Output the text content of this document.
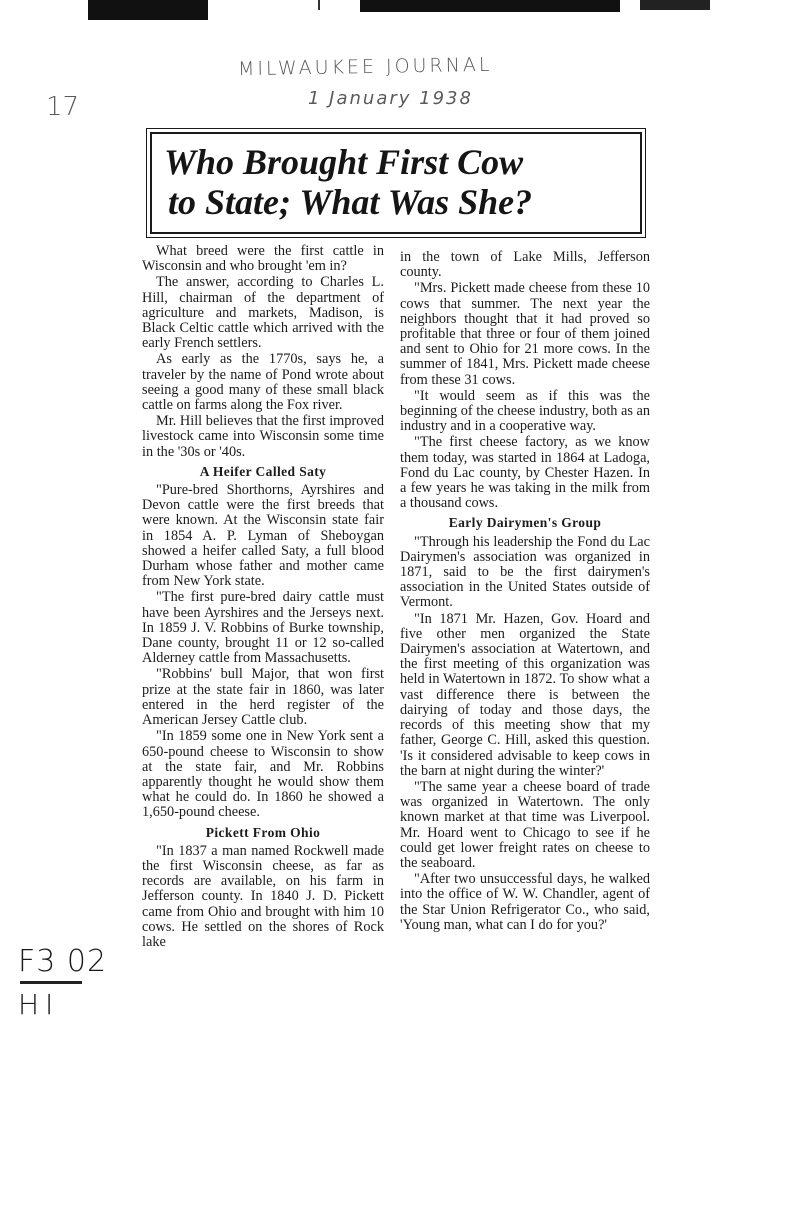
MILWAUKEE JOURNAL
1 January 1938
17
F3 02
HI
Who Brought First Cow
to State; What Was She?

What breed were the first cattle in Wisconsin and who brought 'em in?

The answer, according to Charles L. Hill, chairman of the department of agriculture and markets, Madison, is Black Celtic cattle which arrived with the early French settlers.

As early as the 1770s, says he, a traveler by the name of Pond wrote about seeing a good many of these small black cattle on farms along the Fox river.

Mr. Hill believes that the first improved livestock came into Wisconsin some time in the '30s or '40s.

A Heifer Called Saty

"Pure-bred Shorthorns, Ayrshires and Devon cattle were the first breeds that were known. At the Wisconsin state fair in 1854 A. P. Lyman of Sheboygan showed a heifer called Saty, a full blood Durham whose father and mother came from New York state.

"The first pure-bred dairy cattle must have been Ayrshires and the Jerseys next. In 1859 J. V. Robbins of Burke township, Dane county, brought 11 or 12 so-called Alderney cattle from Massachusetts.

"Robbins' bull Major, that won first prize at the state fair in 1860, was later entered in the herd register of the American Jersey Cattle club.

"In 1859 some one in New York sent a 650-pound cheese to Wisconsin to show at the state fair, and Mr. Robbins apparently thought he would show them what he could do. In 1860 he showed a 1,650-pound cheese.

Pickett From Ohio

"In 1837 a man named Rockwell made the first Wisconsin cheese, as far as records are available, on his farm in Jefferson county. In 1840 J. D. Pickett came from Ohio and brought with him 10 cows. He settled on the shores of Rock lake

in the town of Lake Mills, Jefferson county.

"Mrs. Pickett made cheese from these 10 cows that summer. The next year the neighbors thought that it had proved so profitable that three or four of them joined and sent to Ohio for 21 more cows. In the summer of 1841, Mrs. Pickett made cheese from these 31 cows.

"It would seem as if this was the beginning of the cheese industry, both as an industry and in a cooperative way.

"The first cheese factory, as we know them today, was started in 1864 at Ladoga, Fond du Lac county, by Chester Hazen. In a few years he was taking in the milk from a thousand cows.

Early Dairymen's Group

"Through his leadership the Fond du Lac Dairymen's association was organized in 1871, said to be the first dairymen's association in the United States outside of Vermont.

"In 1871 Mr. Hazen, Gov. Hoard and five other men organized the State Dairymen's association at Watertown, and the first meeting of this organization was held in Watertown in 1872. To show what a vast difference there is between the dairying of today and those days, the records of this meeting show that my father, George C. Hill, asked this question. 'Is it considered advisable to keep cows in the barn at night during the winter?'

"The same year a cheese board of trade was organized in Watertown. The only known market at that time was Liverpool. Mr. Hoard went to Chicago to see if he could get lower freight rates on cheese to the seaboard.

"After two unsuccessful days, he walked into the office of W. W. Chandler, agent of the Star Union Refrigerator Co., who said, 'Young man, what can I do for you?'
